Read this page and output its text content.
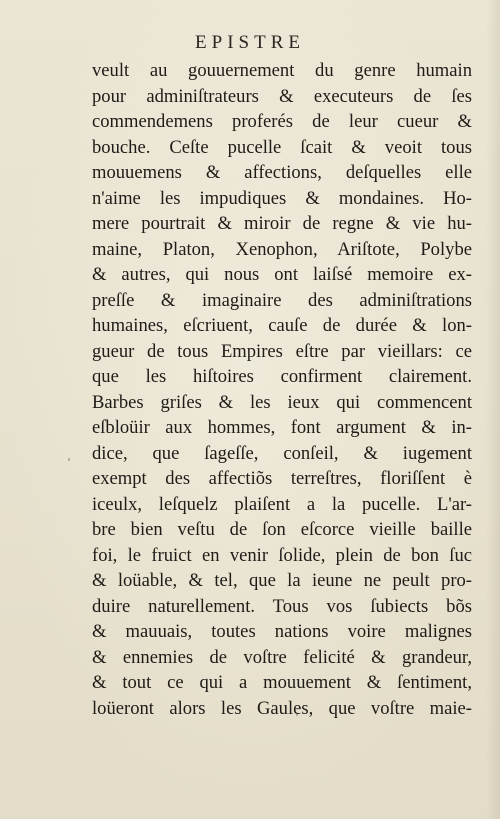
EPISTRE
veult au gouuernement du genre humain
pour adminiſtrateurs & executeurs de ſes
commendemens proferés de leur cueur &
bouche. Ceſte pucelle ſcait & veoit tous
mouuemens & affections, deſquelles elle
n'aime les impudiques & mondaines. Ho-
mere pourtrait & miroir de regne & vie hu-
maine, Platon, Xenophon, Ariſtote, Polybe
& autres, qui nous ont laiſsé memoire ex-
preſſe & imaginaire des adminiſtrations
humaines, eſcriuent, cauſe de durée & lon-
gueur de tous Empires eſtre par vieillars: ce
que les hiſtoires confirment clairement.
Barbes griſes & les ieux qui commencent
eſbloüir aux hommes, font argument & in-
dice, que ſageſſe, conſeil, & iugement
exempt des affectiõs terreſtres, floriſſent è
iceulx, leſquelz plaiſent a la pucelle. L'ar-
bre bien veſtu de ſon eſcorce vieille baille
foi, le fruict en venir ſolide, plein de bon ſuc
& loüable, & tel, que la ieune ne peult pro-
duire naturellement. Tous vos ſubiects bõs
& mauuais, toutes nations voire malignes
& ennemies de voſtre felicité & grandeur,
& tout ce qui a mouuement & ſentiment,
loüeront alors les Gaules, que voſtre maie-
